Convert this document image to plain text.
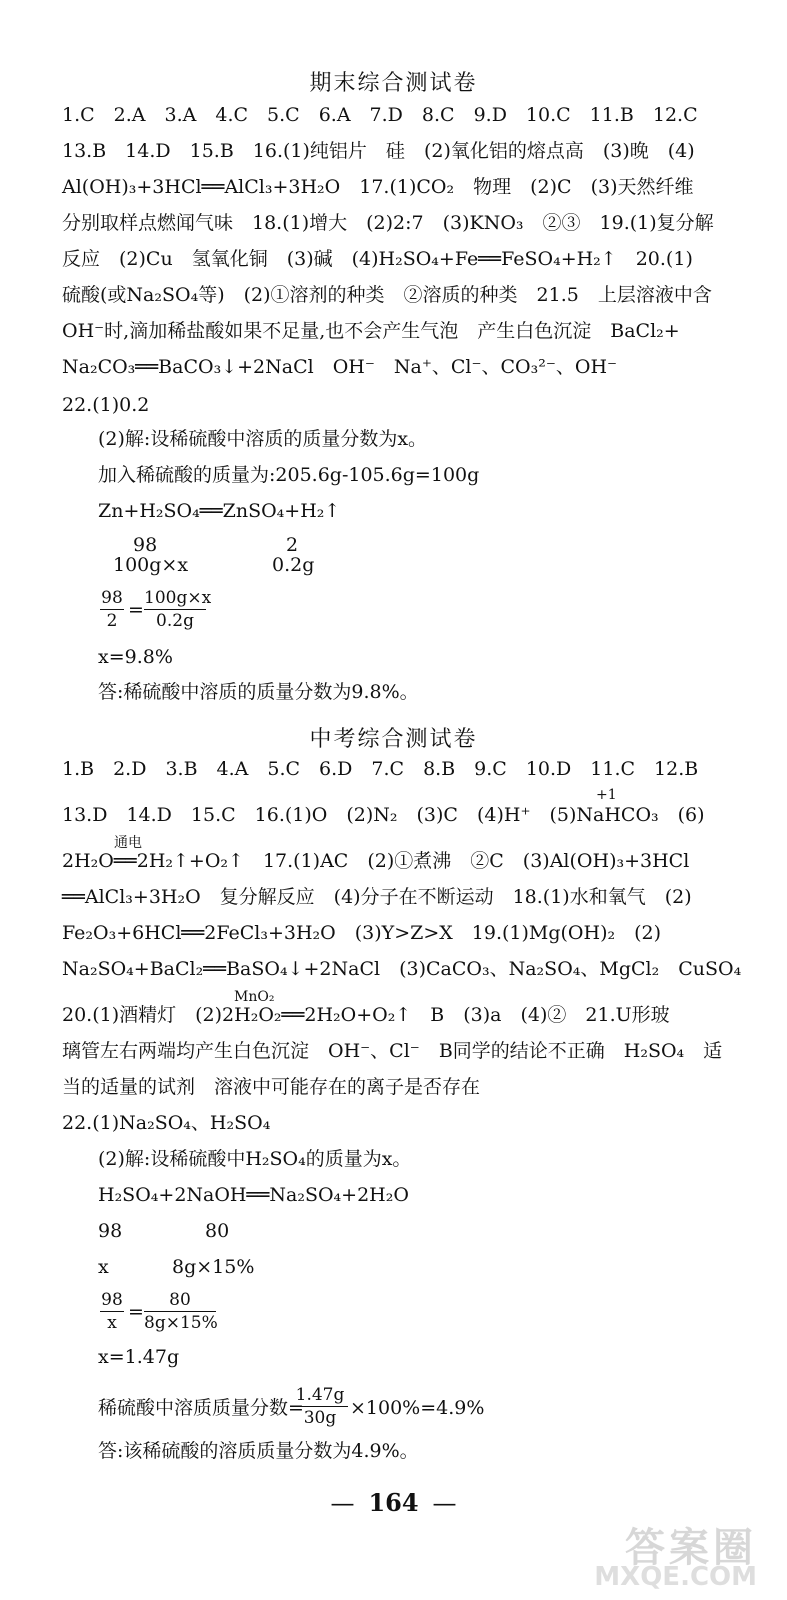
期末综合测试卷
1.C　2.A　3.A　4.C　5.C　6.A　7.D　8.C　9.D　10.C　11.B　12.C
13.B　14.D　15.B　16.(1)纯铝片　硅　(2)氧化铝的熔点高　(3)晚　(4)
Al(OH)₃+3HCl══AlCl₃+3H₂O　17.(1)CO₂　物理　(2)C　(3)天然纤维
分别取样点燃闻气味　18.(1)增大　(2)2:7　(3)KNO₃　②③　19.(1)复分解
反应　(2)Cu　氢氧化铜　(3)碱　(4)H₂SO₄+Fe══FeSO₄+H₂↑　20.(1)
硫酸(或Na₂SO₄等)　(2)①溶剂的种类　②溶质的种类　21.5　上层溶液中含
OH⁻时,滴加稀盐酸如果不足量,也不会产生气泡　产生白色沉淀　BaCl₂+
Na₂CO₃══BaCO₃↓+2NaCl　OH⁻　Na⁺、Cl⁻、CO₃²⁻、OH⁻
22.(1)0.2
(2)解:设稀硫酸中溶质的质量分数为x。
加入稀硫酸的质量为:205.6g-105.6g=100g
Zn+H₂SO₄══ZnSO₄+H₂↑
98
100g×x
2
0.2g
98
2 =
100g×x
0.2g
x=9.8%
答:稀硫酸中溶质的质量分数为9.8%。
中考综合测试卷
1.B　2.D　3.B　4.A　5.C　6.D　7.C　8.B　9.C　10.D　11.C　12.B
13.D　14.D　15.C　16.(1)O　(2)N₂　(3)C　(4)H⁺　(5)NaHCO₃　(6)
+1
2H₂O══2H₂↑+O₂↑　17.(1)AC　(2)①煮沸　②C　(3)Al(OH)₃+3HCl
通电
══AlCl₃+3H₂O　复分解反应　(4)分子在不断运动　18.(1)水和氧气　(2)
Fe₂O₃+6HCl══2FeCl₃+3H₂O　(3)Y>Z>X　19.(1)Mg(OH)₂　(2)
Na₂SO₄+BaCl₂══BaSO₄↓+2NaCl　(3)CaCO₃、Na₂SO₄、MgCl₂　CuSO₄
20.(1)酒精灯　(2)2H₂O₂══2H₂O+O₂↑　B　(3)a　(4)②　21.U形玻
MnO₂
璃管左右两端均产生白色沉淀　OH⁻、Cl⁻　B同学的结论不正确　H₂SO₄　适
当的适量的试剂　溶液中可能存在的离子是否存在
22.(1)Na₂SO₄、H₂SO₄
(2)解:设稀硫酸中H₂SO₄的质量为x。
H₂SO₄+2NaOH══Na₂SO₄+2H₂O
98	80
x	8g×15%
98
x =
80
8g×15%
x=1.47g
稀硫酸中溶质质量分数=
1.47g
30g ×100%=4.9%
答:该稀硫酸的溶质质量分数为4.9%。
— 164 —
答案圈
MXQE.COM
